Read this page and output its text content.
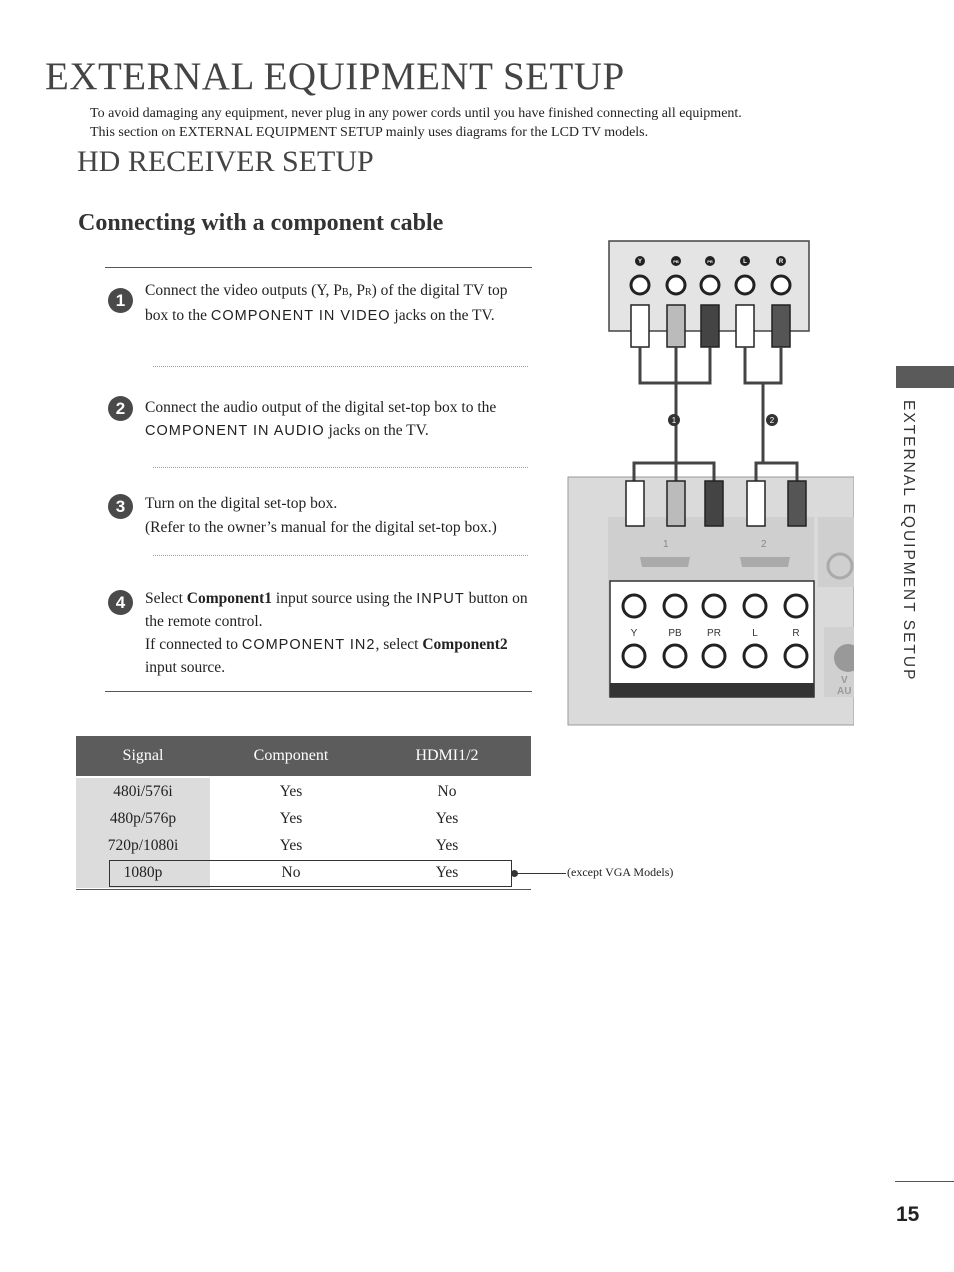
EXTERNAL EQUIPMENT SETUP
To avoid damaging any equipment, never plug in any power cords until you have finished connecting all equipment.
This section on EXTERNAL EQUIPMENT SETUP mainly uses diagrams for the LCD TV models.
HD RECEIVER SETUP
Connecting with a component cable
1
Connect the video outputs (Y, PB, PR) of the digital TV top box to the COMPONENT IN VIDEO jacks on the TV.
2	Connect the audio output of the digital set-top box to the COMPONENT IN AUDIO jacks on the TV.
3	Turn on the digital set-top box.
(Refer to the owner’s manual for the digital set-top box.)
4	Select Component1 input source using the INPUT button on the remote control.
If connected to COMPONENT IN2, select Component2 input source.
Signal	Component	HDMI1/2
480i/576i	Yes	No
480p/576p	Yes	Yes
720p/1080i	Yes	Yes
1080p	No	Yes	(except VGA Models)
1	2
Y	PB	PR	L	R
1	2
Y	PB	PR	L	R
V
AU
EXTERNAL EQUIPMENT SETUP
15
